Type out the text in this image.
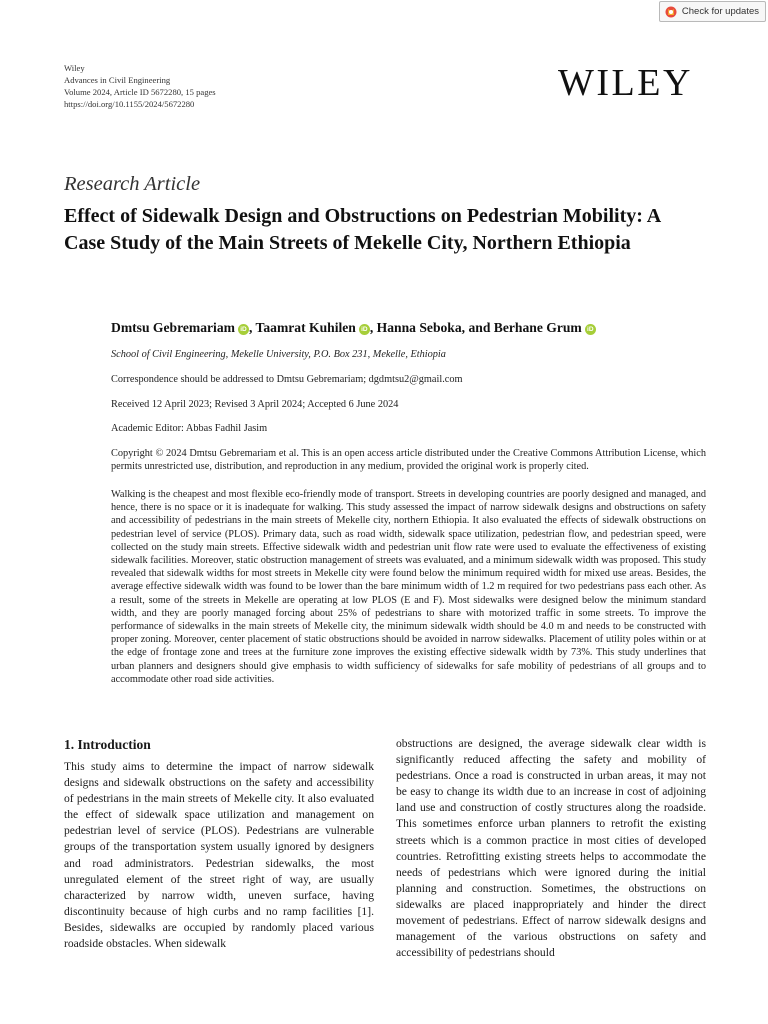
Check for updates
Wiley
Advances in Civil Engineering
Volume 2024, Article ID 5672280, 15 pages
https://doi.org/10.1155/2024/5672280	WILEY
Research Article
Effect of Sidewalk Design and Obstructions on Pedestrian Mobility: A Case Study of the Main Streets of Mekelle City, Northern Ethiopia
Dmtsu Gebremariam iD , Taamrat Kuhilen iD , Hanna Seboka, and Berhane Grum iD
School of Civil Engineering, Mekelle University, P.O. Box 231, Mekelle, Ethiopia
Correspondence should be addressed to Dmtsu Gebremariam; dgdmtsu2@gmail.com
Received 12 April 2023; Revised 3 April 2024; Accepted 6 June 2024
Academic Editor: Abbas Fadhil Jasim
Copyright © 2024 Dmtsu Gebremariam et al. This is an open access article distributed under the Creative Commons Attribution License, which permits unrestricted use, distribution, and reproduction in any medium, provided the original work is properly cited.

Walking is the cheapest and most flexible eco-friendly mode of transport. Streets in developing countries are poorly designed and managed, and hence, there is no space or it is inadequate for walking. This study assessed the impact of narrow sidewalk designs and obstructions on safety and accessibility of pedestrians in the main streets of Mekelle city, northern Ethiopia. It also evaluated the effects of sidewalk obstructions on pedestrian level of service (PLOS). Primary data, such as road width, sidewalk space utilization, pedestrian flow, and pedestrian speed, were collected on the study main streets. Effective sidewalk width and pedestrian unit flow rate were used to evaluate the effectiveness of existing sidewalk facilities. Moreover, static obstruction management of streets was evaluated, and a minimum sidewalk width was proposed. This study revealed that sidewalk widths for most streets in Mekelle city were found below the minimum required width for mixed use areas. Besides, the average effective sidewalk width was found to be lower than the bare minimum width of 1.2 m required for two pedestrians pass each other. As a result, some of the streets in Mekelle are operating at low PLOS (E and F). Most sidewalks were designed below the minimum standard width, and they are poorly managed forcing about 25% of pedestrians to share with motorized traffic in some streets. To improve the performance of sidewalks in the main streets of Mekelle city, the minimum sidewalk width should be 4.0 m and needs to be constructed with proper zoning. Moreover, center placement of static obstructions should be avoided in narrow sidewalks. Placement of utility poles within or at the edge of frontage zone and trees at the furniture zone improves the existing effective sidewalk width by 73%. This study underlines that urban planners and designers should give emphasis to width sufficiency of sidewalks for safe mobility of pedestrians of all groups and to accommodate other road side activities.

1. Introduction

This study aims to determine the impact of narrow sidewalk designs and sidewalk obstructions on the safety and accessibility of pedestrians in the main streets of Mekelle city. It also evaluated the effect of sidewalk space utilization and management on pedestrian level of service (PLOS). Pedestrians are vulnerable groups of the transportation system usually ignored by designers and road administrators. Pedestrian sidewalks, the most unregulated element of the street right of way, are usually characterized by narrow width, uneven surface, having discontinuity because of high curbs and no ramp facilities [1]. Besides, sidewalks are occupied by randomly placed various roadside obstacles. When sidewalk

obstructions are designed, the average sidewalk clear width is significantly reduced affecting the safety and mobility of pedestrians. Once a road is constructed in urban areas, it may not be easy to change its width due to an increase in cost of adjoining land use and construction of costly structures along the roadside. This sometimes enforce urban planners to retrofit the existing streets which is a common practice in most cities of developed countries. Retrofitting existing streets helps to accommodate the needs of pedestrians which were ignored during the initial planning and construction. Sometimes, the obstructions on sidewalks are placed inappropriately and hinder the direct movement of pedestrians. Effect of narrow sidewalk designs and management of the various obstructions on safety and accessibility of pedestrians should
